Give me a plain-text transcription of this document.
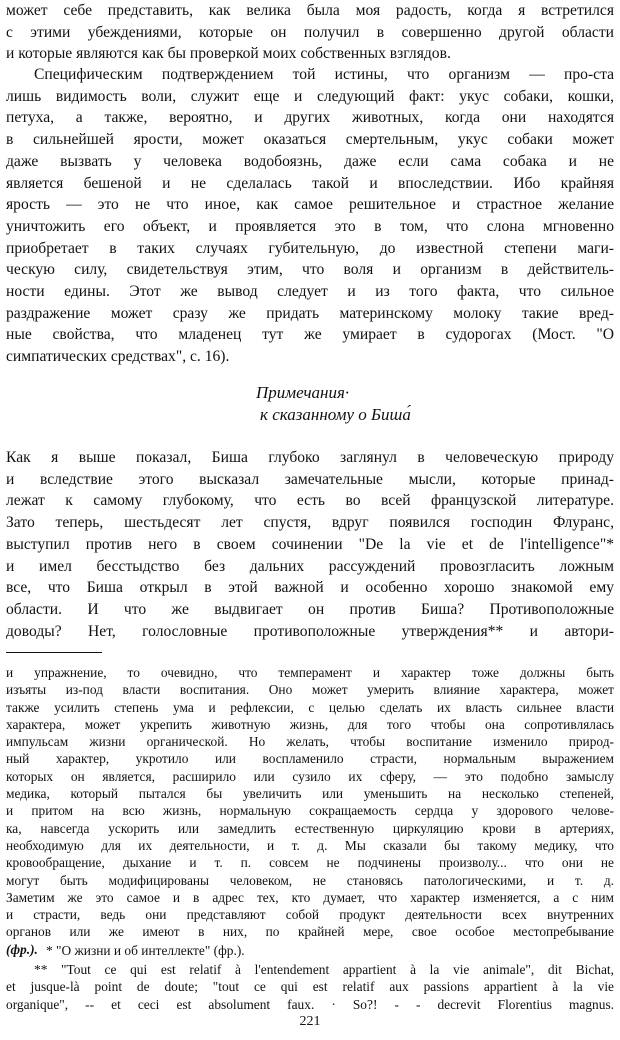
может себе представить, как велика была моя радость, когда я встретился
с этими убеждениями, которые он получил в совершенно другой области
и которые являются как бы проверкой моих собственных взглядов.
Специфическим подтверждением той истины, что организм — про-ста
лишь видимость воли, служит еще и следующий факт: укус собаки, кошки,
петуха, а также, вероятно, и других животных, когда они находятся
в сильнейшей ярости, может оказаться смертельным, укус собаки может
даже вызвать у человека водобоязнь, даже если сама собака и не
является бешеной и не сделалась такой и впоследствии. Ибо крайняя
ярость — это не что иное, как самое решительное и страстное желание
уничтожить его объект, и проявляется это в том, что слона мгновенно
приобретает в таких случаях губительную, до известной степени маги-
ческую силу, свидетельствуя этим, что воля и организм в действитель-
ности едины. Этот же вывод следует и из того факта, что сильное
раздражение может сразу же придать материнскому молоку такие вред-
ные свойства, что младенец тут же умирает в судорогах (Мост. "О
симпатических средствах", с. 16).
Примечания·
к сказанному о Биша́
Как я выше показал, Биша глубоко заглянул в человеческую природу
и вследствие этого высказал замечательные мысли, которые принад-
лежат к самому глубокому, что есть во всей французской литературе.
Зато теперь, шестьдесят лет спустя, вдруг появился господин Флуранс,
выступил против него в своем сочинении "De la vie et de l'intelligence"*
и имел бесстыдство без дальних рассуждений провозгласить ложным
все, что Биша открыл в этой важной и особенно хорошо знакомой ему
области. И что же выдвигает он против Биша? Противоположные
доводы? Нет, голословные противоположные утверждения** и автори-
и упражнение, то очевидно, что темперамент и характер тоже должны быть
изъяты из-под власти воспитания. Оно может умерить влияние характера, может
также усилить степень ума и рефлексии, с целью сделать их власть сильнее власти
характера, может укрепить животную жизнь, для того чтобы она сопротивлялась
импульсам жизни органической. Но желать, чтобы воспитание изменило природ-
ный характер, укротило или воспламенило страсти, нормальным выражением
которых он является, расширило или сузило их сферу, — это подобно замыслу
медика, который пытался бы увеличить или уменьшить на несколько степеней,
и притом на всю жизнь, нормальную сокращаемость сердца у здорового челове-
ка, навсегда ускорить или замедлить естественную циркуляцию крови в артериях,
необходимую для их деятельности, и т. д. Мы сказали бы такому медику, что
кровообращение, дыхание и т. п. совсем не подчинены произволу... что они не
могут быть модифицированы человеком, не становясь патологическими, и т. д.
Заметим же это самое и в адрес тех, кто думает, что характер изменяется, а с ним
и страсти, ведь они представляют собой продукт деятельности всех внутренних
органов или же имеют в них, по крайней мере, свое особое местопребывание
(фр.). * "О жизни и об интеллекте" (фр.).
** "Tout ce qui est relatif à l'entendement appartient à la vie animale", dit Bichat,
et jusque-là point de doute; "tout ce qui est relatif aux passions appartient à la vie
organique", -- et ceci est absolument faux. · So?! - - decrevit Florentius magnus.
221
